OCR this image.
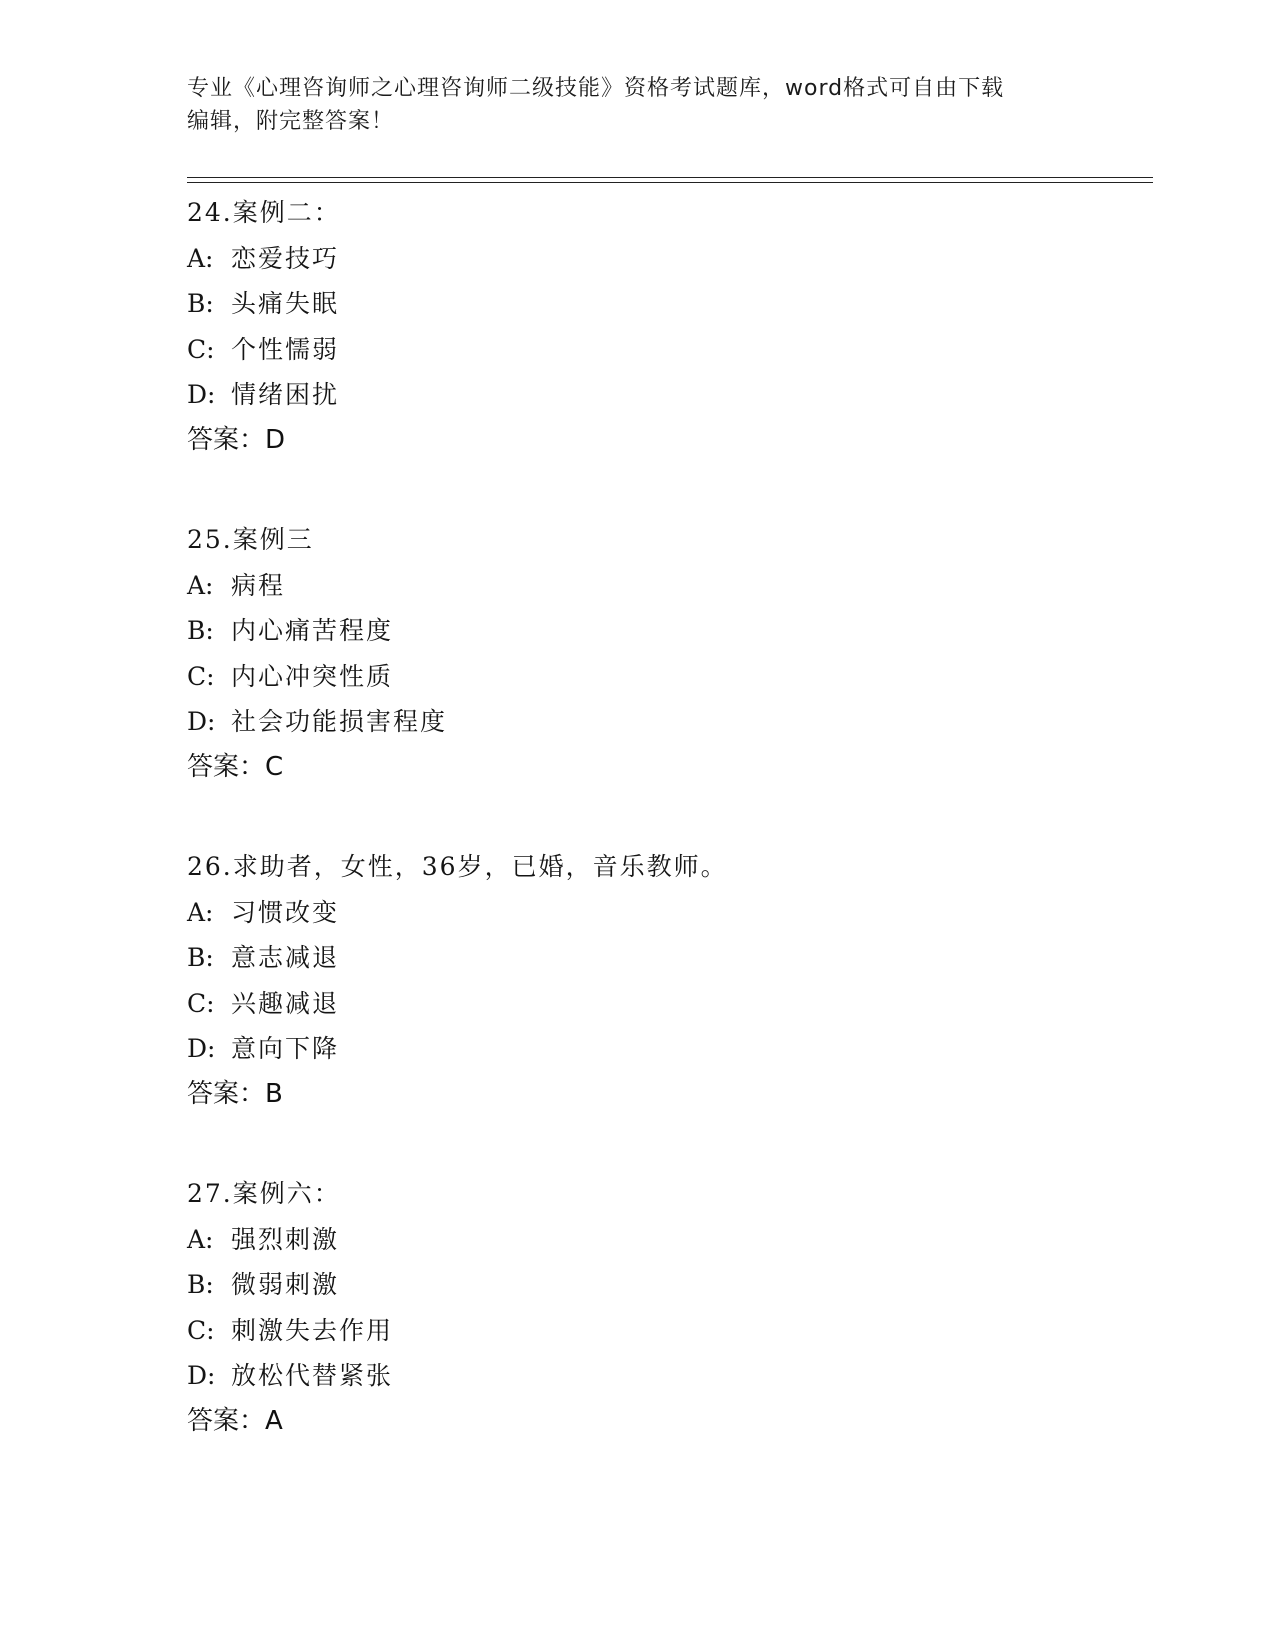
专业《心理咨询师之心理咨询师二级技能》资格考试题库，word格式可自由下载
编辑，附完整答案！
24.案例二：
A: 恋爱技巧
B: 头痛失眠
C: 个性懦弱
D: 情绪困扰
答案：D
25.案例三
A: 病程
B: 内心痛苦程度
C: 内心冲突性质
D: 社会功能损害程度
答案：C
26.求助者，女性，36岁，已婚，音乐教师。
A: 习惯改变
B: 意志减退
C: 兴趣减退
D: 意向下降
答案：B
27.案例六：
A: 强烈刺激
B: 微弱刺激
C: 刺激失去作用
D: 放松代替紧张
答案：A
